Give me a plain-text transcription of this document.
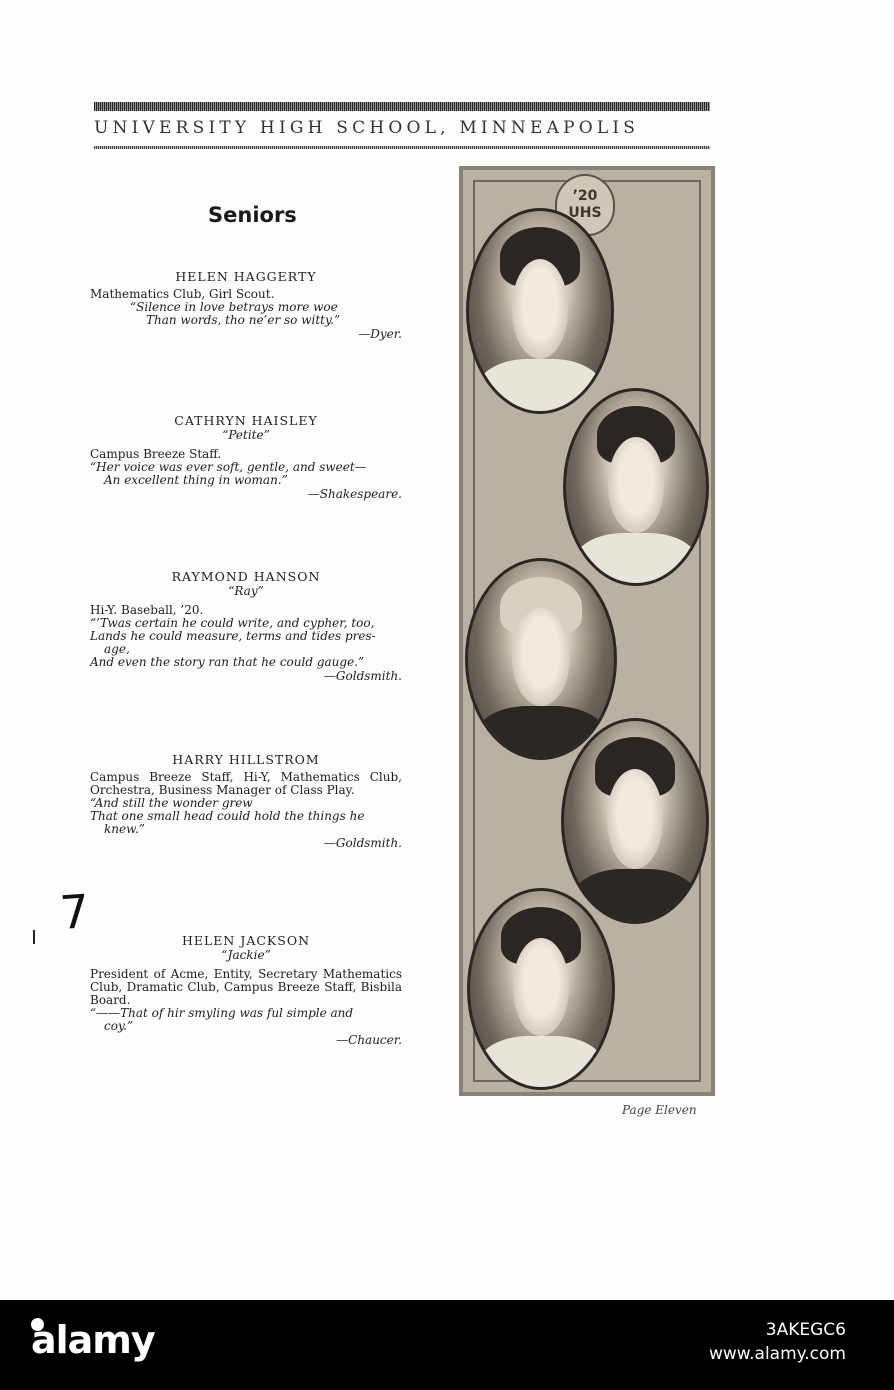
UNIVERSITY HIGH SCHOOL, MINNEAPOLIS
Seniors
HELEN HAGGERTY
Mathematics Club, Girl Scout.
“Silence in love betrays more woe
Than words, tho ne’er so witty.”
—Dyer.
CATHRYN HAISLEY
“Petite”
Campus Breeze Staff.
“Her voice was ever soft, gentle, and sweet—
An excellent thing in woman.”
—Shakespeare.
RAYMOND HANSON
“Ray”
Hi-Y. Baseball, ’20.
“’Twas certain he could write, and cypher, too,
Lands he could measure, terms and tides pres-
age,
And even the story ran that he could gauge.”
—Goldsmith.
HARRY HILLSTROM
Campus Breeze Staff, Hi-Y, Mathematics Club, Orchestra, Business Manager of Class Play.
“And still the wonder grew
That one small head could hold the things he
knew.”
—Goldsmith.
HELEN JACKSON
“Jackie”
President of Acme, Entity, Secretary Mathematics Club, Dramatic Club, Campus Breeze Staff, Bisbila Board.
“——That of hir smyling was ful simple and
coy.”
—Chaucer.
7
’20
UHS
Page Eleven
alamy	3AKEGC6
www.alamy.com
